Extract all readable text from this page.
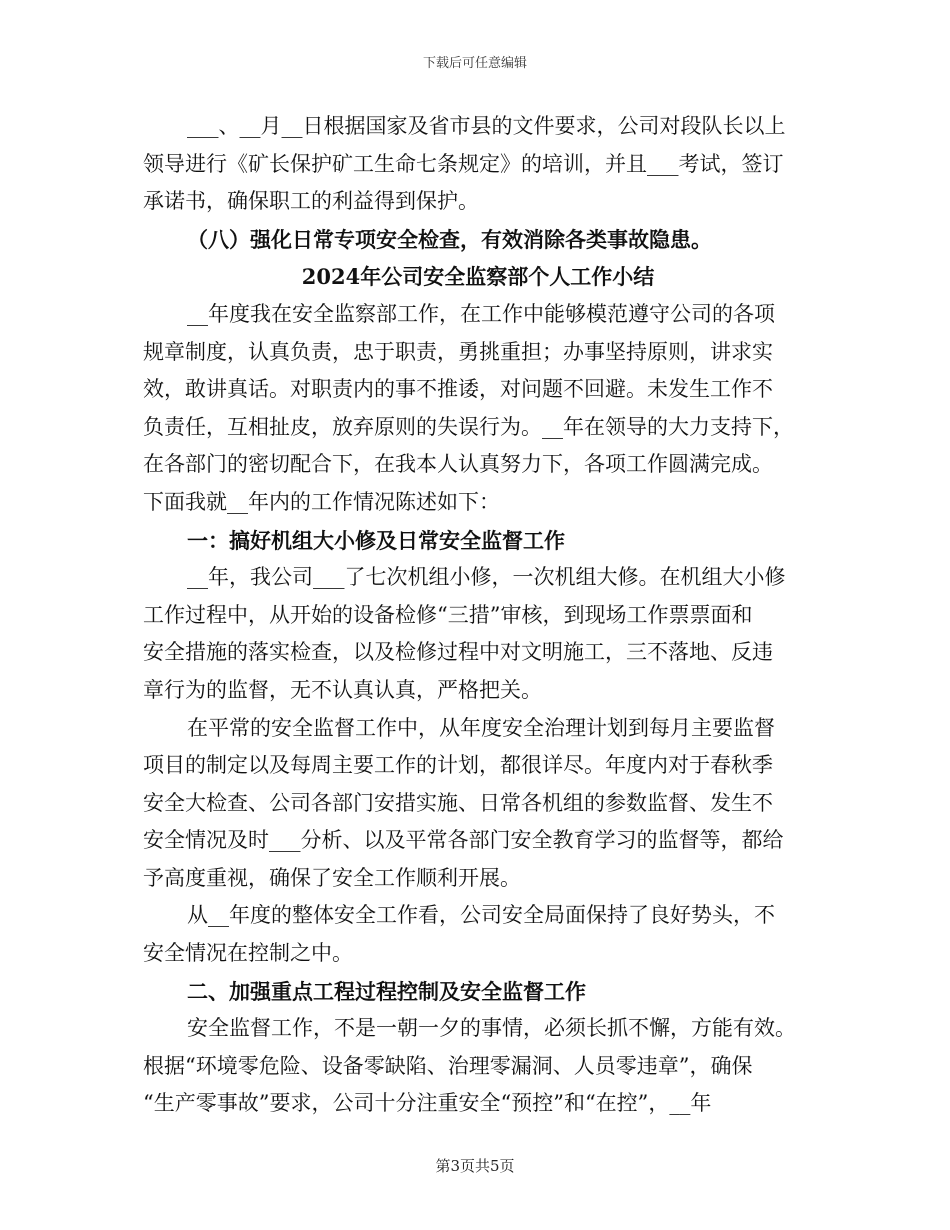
下载后可任意编辑
___、__月__日根据国家及省市县的文件要求，公司对段队长以上
领导进行《矿长保护矿工生命七条规定》的培训，并且___考试，签订
承诺书，确保职工的利益得到保护。
（八）强化日常专项安全检查，有效消除各类事故隐患。
2024年公司安全监察部个人工作小结
__年度我在安全监察部工作，在工作中能够模范遵守公司的各项
规章制度，认真负责，忠于职责，勇挑重担；办事坚持原则，讲求实
效，敢讲真话。对职责内的事不推诿，对问题不回避。未发生工作不
负责任，互相扯皮，放弃原则的失误行为。__年在领导的大力支持下，
在各部门的密切配合下，在我本人认真努力下，各项工作圆满完成。
下面我就__年内的工作情况陈述如下：
一：搞好机组大小修及日常安全监督工作
__年，我公司___了七次机组小修，一次机组大修。在机组大小修
工作过程中，从开始的设备检修“三措”审核，到现场工作票票面和
安全措施的落实检查，以及检修过程中对文明施工，三不落地、反违
章行为的监督，无不认真认真，严格把关。
在平常的安全监督工作中，从年度安全治理计划到每月主要监督
项目的制定以及每周主要工作的计划，都很详尽。年度内对于春秋季
安全大检查、公司各部门安措实施、日常各机组的参数监督、发生不
安全情况及时___分析、以及平常各部门安全教育学习的监督等，都给
予高度重视，确保了安全工作顺利开展。
从__年度的整体安全工作看，公司安全局面保持了良好势头，不
安全情况在控制之中。
二、加强重点工程过程控制及安全监督工作
安全监督工作，不是一朝一夕的事情，必须长抓不懈，方能有效。
根据“环境零危险、设备零缺陷、治理零漏洞、人员零违章”，确保
“生产零事故”要求，公司十分注重安全“预控”和“在控”，__年
第3页共5页
